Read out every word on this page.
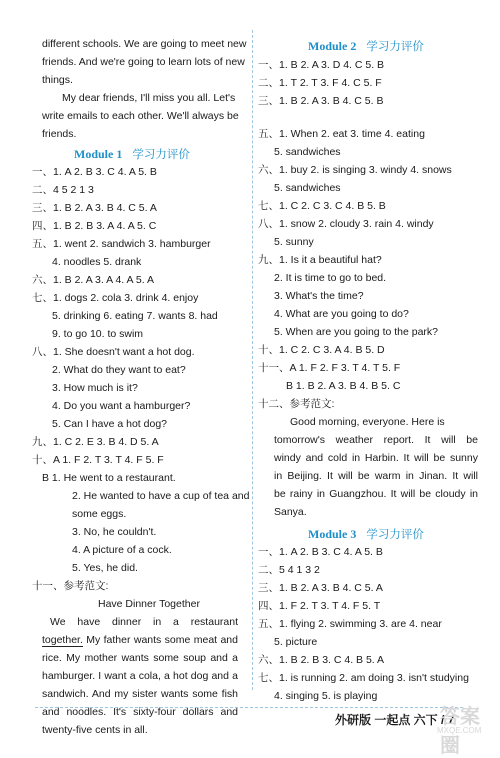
different schools. We are going to meet new
friends. And we're going to learn lots of new
things.
My dear friends, I'll miss you all. Let's
write emails to each other. We'll always be
friends.
Module 1 学习力评价
一、1. A 2. B 3. C 4. A 5. B
二、4 5 2 1 3
三、1. B 2. A 3. B 4. C 5. A
四、1. B 2. B 3. A 4. A 5. C
五、1. went 2. sandwich 3. hamburger
4. noodles 5. drank
六、1. B 2. A 3. A 4. A 5. A
七、1. dogs 2. cola 3. drink 4. enjoy
5. drinking 6. eating 7. wants 8. had
9. to go 10. to swim
八、1. She doesn't want a hot dog.
2. What do they want to eat?
3. How much is it?
4. Do you want a hamburger?
5. Can I have a hot dog?
九、1. C 2. E 3. B 4. D 5. A
十、A 1. F 2. T 3. T 4. F 5. F
B 1. He went to a restaurant.
2. He wanted to have a cup of tea and
some eggs.
3. No, he couldn't.
4. A picture of a cock.
5. Yes, he did.
十一、参考范文:
Have Dinner Together
We have dinner in a restaurant
together. My father wants some meat and
rice. My mother wants some soup and a
hamburger. I want a cola, a hot dog and a
sandwich. And my sister wants some fish
and noodles. It's sixty-four dollars and
twenty-five cents in all.
Module 2 学习力评价
一、1. B 2. A 3. D 4. C 5. B
二、1. T 2. T 3. F 4. C 5. F
三、1. B 2. A 3. B 4. C 5. B
五、1. When 2. eat 3. time 4. eating
5. sandwiches
六、1. buy 2. is singing 3. windy 4. snows
5. sandwiches
七、1. C 2. C 3. C 4. B 5. B
八、1. snow 2. cloudy 3. rain 4. windy
5. sunny
九、1. Is it a beautiful hat?
2. It is time to go to bed.
3. What's the time?
4. What are you going to do?
5. When are you going to the park?
十、1. C 2. C 3. A 4. B 5. D
十一、A 1. F 2. F 3. T 4. T 5. F
B 1. B 2. A 3. B 4. B 5. C
十二、参考范文:
Good morning, everyone. Here is
tomorrow's weather report. It will be
windy and cold in Harbin. It will be sunny
in Beijing. It will be warm in Jinan. It will
be rainy in Guangzhou. It will be cloudy in
Sanya.
Module 3 学习力评价
一、1. A 2. B 3. C 4. A 5. B
二、5 4 1 3 2
三、1. B 2. A 3. B 4. C 5. A
四、1. F 2. T 3. T 4. F 5. T
五、1. flying 2. swimming 3. are 4. near
5. picture
六、1. B 2. B 3. C 4. B 5. A
七、1. is running 2. am doing 3. isn't studying
4. singing 5. is playing
外研版 一起点 六下 / 7
答案圈
MXQE.COM
